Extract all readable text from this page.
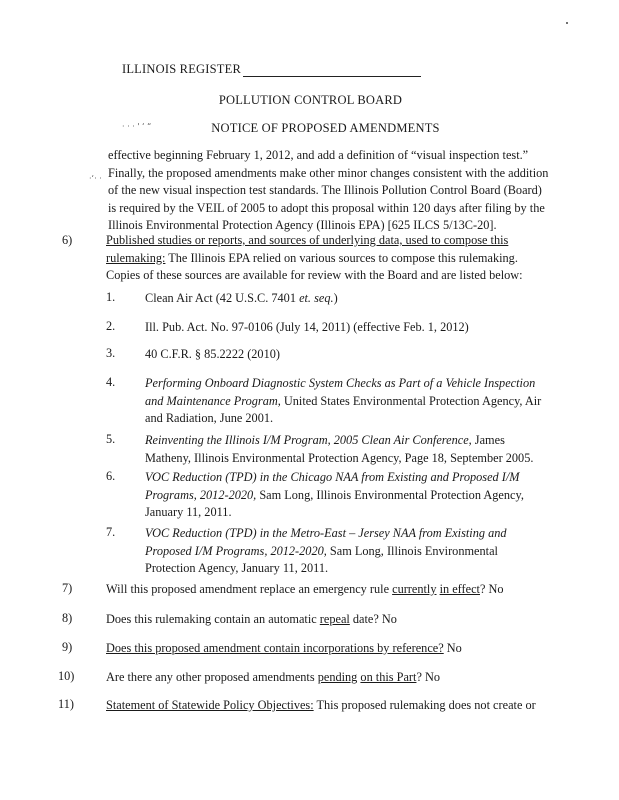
ILLINOIS REGISTER
POLLUTION CONTROL BOARD
NOTICE OF PROPOSED AMENDMENTS
· · · ' ‘ “
effective beginning February 1, 2012, and add a definition of “visual inspection test.”
Finally, the proposed amendments make other minor changes consistent with the addition
of the new visual inspection test standards. The Illinois Pollution Control Board (Board)
is required by the VEIL of 2005 to adopt this proposal within 120 days after filing by the
Illinois Environmental Protection Agency (Illinois EPA) [625 ILCS 5/13C-20].
·‘· ·
6)	Published studies or reports, and sources of underlying data, used to compose this
rulemaking: The Illinois EPA relied on various sources to compose this rulemaking.
Copies of these sources are available for review with the Board and are listed below:
1. Clean Air Act (42 U.S.C. 7401 et. seq.)
2. Ill. Pub. Act. No. 97-0106 (July 14, 2011) (effective Feb. 1, 2012)
3. 40 C.F.R. § 85.2222 (2010)
4. Performing Onboard Diagnostic System Checks as Part of a Vehicle Inspection and Maintenance Program, United States Environmental Protection Agency, Air and Radiation, June 2001.
5. Reinventing the Illinois I/M Program, 2005 Clean Air Conference, James Matheny, Illinois Environmental Protection Agency, Page 18, September 2005.
6. VOC Reduction (TPD) in the Chicago NAA from Existing and Proposed I/M Programs, 2012-2020, Sam Long, Illinois Environmental Protection Agency, January 11, 2011.
7. VOC Reduction (TPD) in the Metro-East – Jersey NAA from Existing and Proposed I/M Programs, 2012-2020, Sam Long, Illinois Environmental Protection Agency, January 11, 2011.
7)	Will this proposed amendment replace an emergency rule currently in effect? No
8)	Does this rulemaking contain an automatic repeal date? No
9)	Does this proposed amendment contain incorporations by reference? No
10)	Are there any other proposed amendments pending on this Part? No
11)	Statement of Statewide Policy Objectives: This proposed rulemaking does not create or
